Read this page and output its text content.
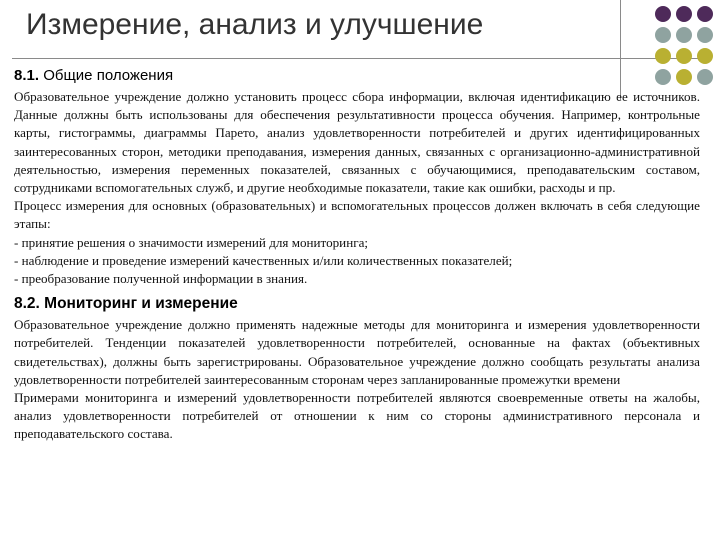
Измерение, анализ и улучшение
8.1. Общие положения

Образовательное учреждение должно установить процесс сбора информации, включая идентификацию ее источников. Данные должны быть использованы для обеспечения результативности процесса обучения. Например, контрольные карты, гистограммы, диаграммы Парето, анализ удовлетворенности потребителей и других идентифицированных заинтересованных сторон, методики преподавания, измерения данных, связанных с организационно-административной деятельностью, измерения переменных показателей, связанных с обучающимися, преподавательским составом, сотрудниками вспомогательных служб, и другие необходимые показатели, такие как ошибки, расходы и пр.

Процесс измерения для основных (образовательных) и вспомогательных процессов должен включать в себя следующие этапы:

- принятие решения о значимости измерений для мониторинга;

- наблюдение и проведение измерений качественных и/или количественных показателей;

- преобразование полученной информации в знания.

8.2. Мониторинг и измерение

Образовательное учреждение должно применять надежные методы для мониторинга и измерения удовлетворенности потребителей. Тенденции показателей удовлетворенности потребителей, основанные на фактах (объективных свидетельствах), должны быть зарегистрированы. Образовательное учреждение должно сообщать результаты анализа удовлетворенности потребителей заинтересованным сторонам через запланированные промежутки времени

Примерами мониторинга и измерений удовлетворенности потребителей являются своевременные ответы на жалобы, анализ удовлетворенности потребителей от отношении к ним со стороны административного персонала и преподавательского состава.
